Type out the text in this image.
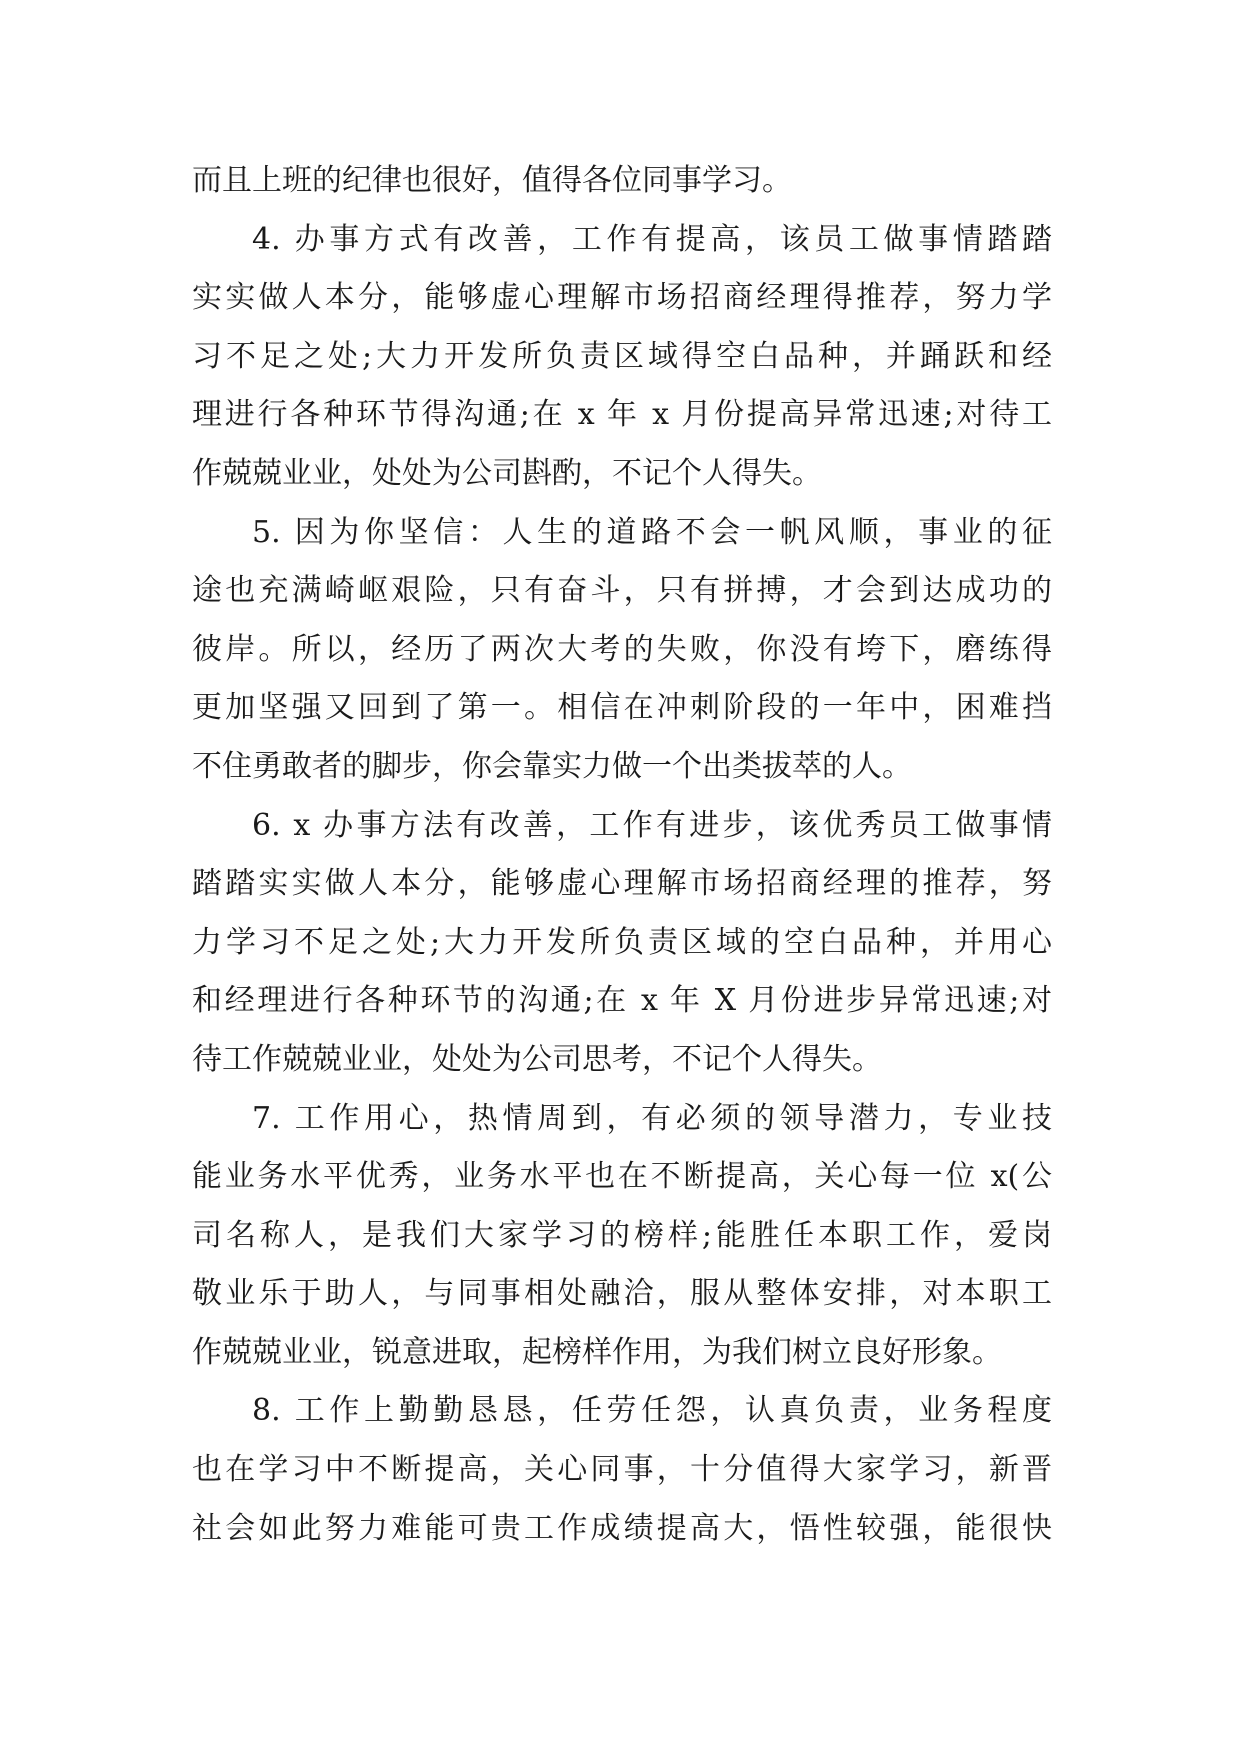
而且上班的纪律也很好，值得各位同事学习。
4. 办事方式有改善，工作有提高，该员工做事情踏踏
实实做人本分，能够虚心理解市场招商经理得推荐，努力学
习不足之处;大力开发所负责区域得空白品种，并踊跃和经
理进行各种环节得沟通;在 x 年 x 月份提高异常迅速;对待工
作兢兢业业，处处为公司斟酌，不记个人得失。
5. 因为你坚信：人生的道路不会一帆风顺，事业的征
途也充满崎岖艰险，只有奋斗，只有拼搏，才会到达成功的
彼岸。所以，经历了两次大考的失败，你没有垮下，磨练得
更加坚强又回到了第一。相信在冲刺阶段的一年中，困难挡
不住勇敢者的脚步，你会靠实力做一个出类拔萃的人。
6. x 办事方法有改善，工作有进步，该优秀员工做事情
踏踏实实做人本分，能够虚心理解市场招商经理的推荐，努
力学习不足之处;大力开发所负责区域的空白品种，并用心
和经理进行各种环节的沟通;在 x 年 X 月份进步异常迅速;对
待工作兢兢业业，处处为公司思考，不记个人得失。
7. 工作用心，热情周到，有必须的领导潜力，专业技
能业务水平优秀，业务水平也在不断提高，关心每一位 x(公
司名称人，是我们大家学习的榜样;能胜任本职工作，爱岗
敬业乐于助人，与同事相处融洽，服从整体安排，对本职工
作兢兢业业，锐意进取，起榜样作用，为我们树立良好形象。
8. 工作上勤勤恳恳，任劳任怨，认真负责，业务程度
也在学习中不断提高，关心同事，十分值得大家学习，新晋
社会如此努力难能可贵工作成绩提高大，悟性较强，能很快
